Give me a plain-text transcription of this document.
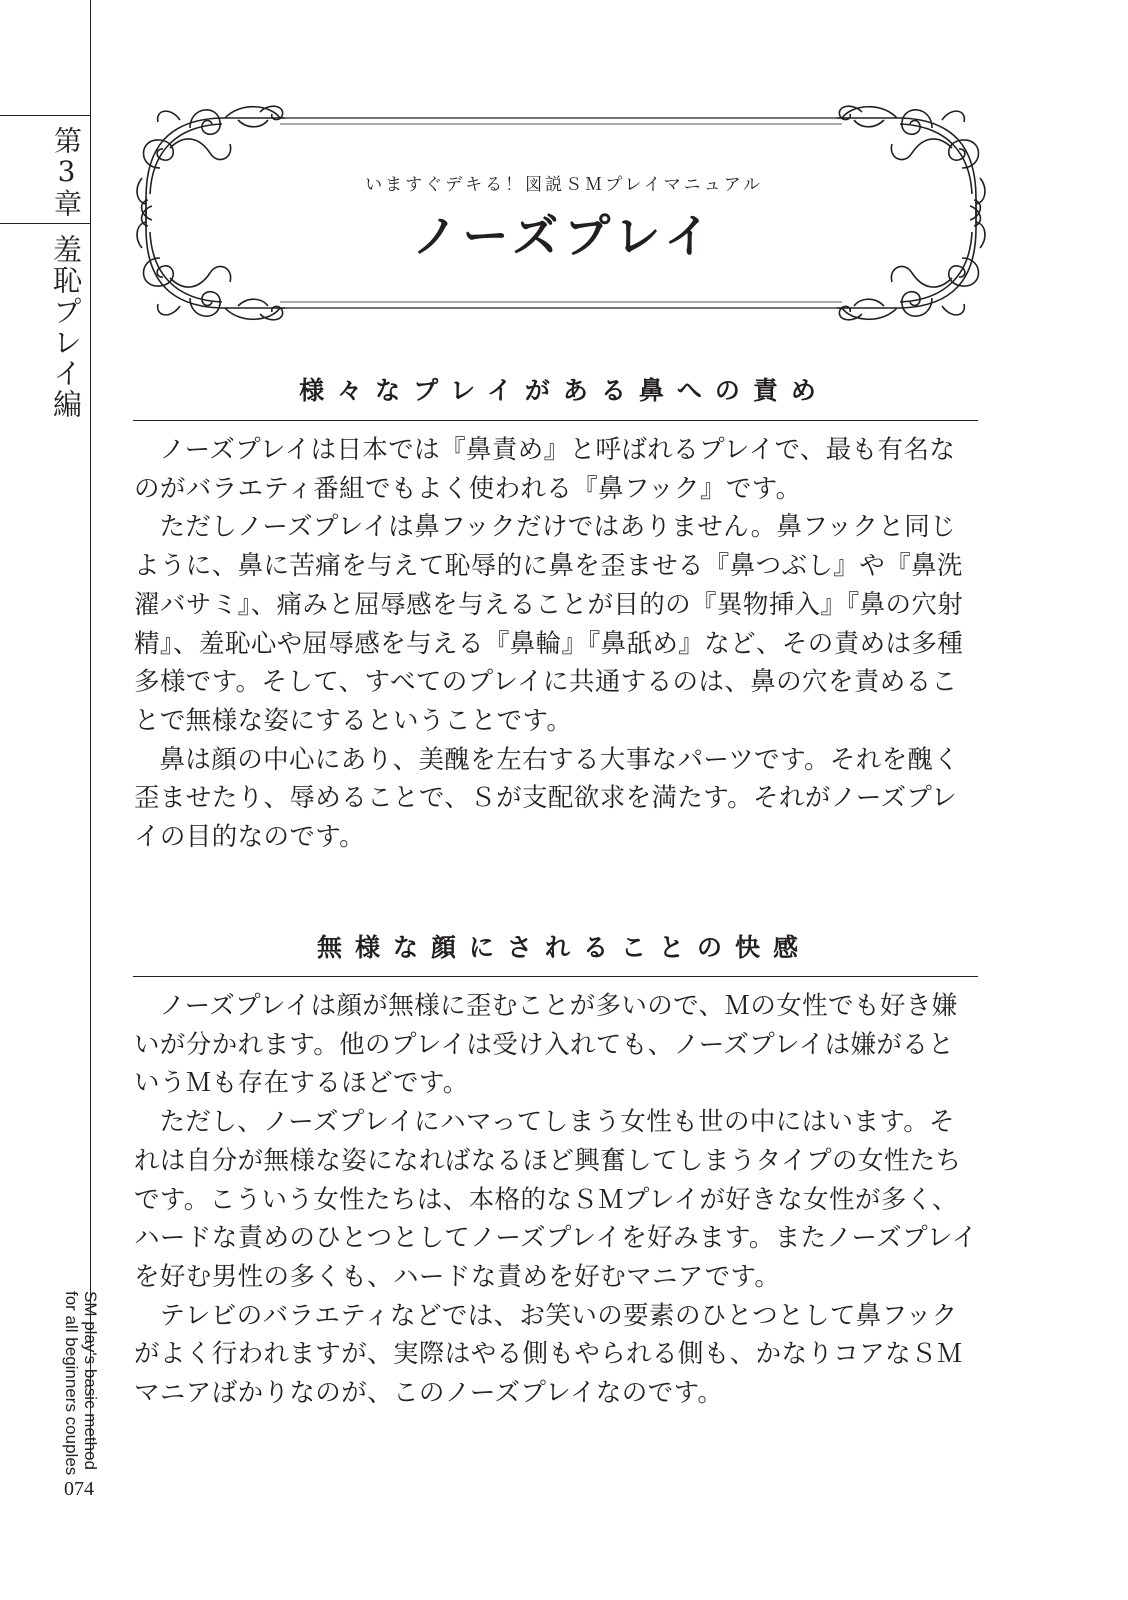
第3章
羞恥プレイ編
SM play's basic method
for all beginners couples
074
いますぐデキる！図説ＳＭプレイマニュアル
ノーズプレイ
様々なプレイがある鼻への責め

ノーズプレイは日本では『鼻責め』と呼ばれるプレイで、最も有名なのがバラエティ番組でもよく使われる『鼻フック』です。

ただしノーズプレイは鼻フックだけではありません。鼻フックと同じように、鼻に苦痛を与えて恥辱的に鼻を歪ませる『鼻つぶし』や『鼻洗濯バサミ』、痛みと屈辱感を与えることが目的の『異物挿入』『鼻の穴射精』、羞恥心や屈辱感を与える『鼻輪』『鼻舐め』など、その責めは多種多様です。そして、すべてのプレイに共通するのは、鼻の穴を責めることで無様な姿にするということです。

鼻は顔の中心にあり、美醜を左右する大事なパーツです。それを醜く歪ませたり、辱めることで、Ｓが支配欲求を満たす。それがノーズプレイの目的なのです。

無様な顔にされることの快感

ノーズプレイは顔が無様に歪むことが多いので、Ｍの女性でも好き嫌いが分かれます。他のプレイは受け入れても、ノーズプレイは嫌がるというＭも存在するほどです。

ただし、ノーズプレイにハマってしまう女性も世の中にはいます。それは自分が無様な姿になればなるほど興奮してしまうタイプの女性たちです。こういう女性たちは、本格的なＳＭプレイが好きな女性が多く、ハードな責めのひとつとしてノーズプレイを好みます。またノーズプレイを好む男性の多くも、ハードな責めを好むマニアです。

テレビのバラエティなどでは、お笑いの要素のひとつとして鼻フックがよく行われますが、実際はやる側もやられる側も、かなりコアなＳＭマニアばかりなのが、このノーズプレイなのです。
